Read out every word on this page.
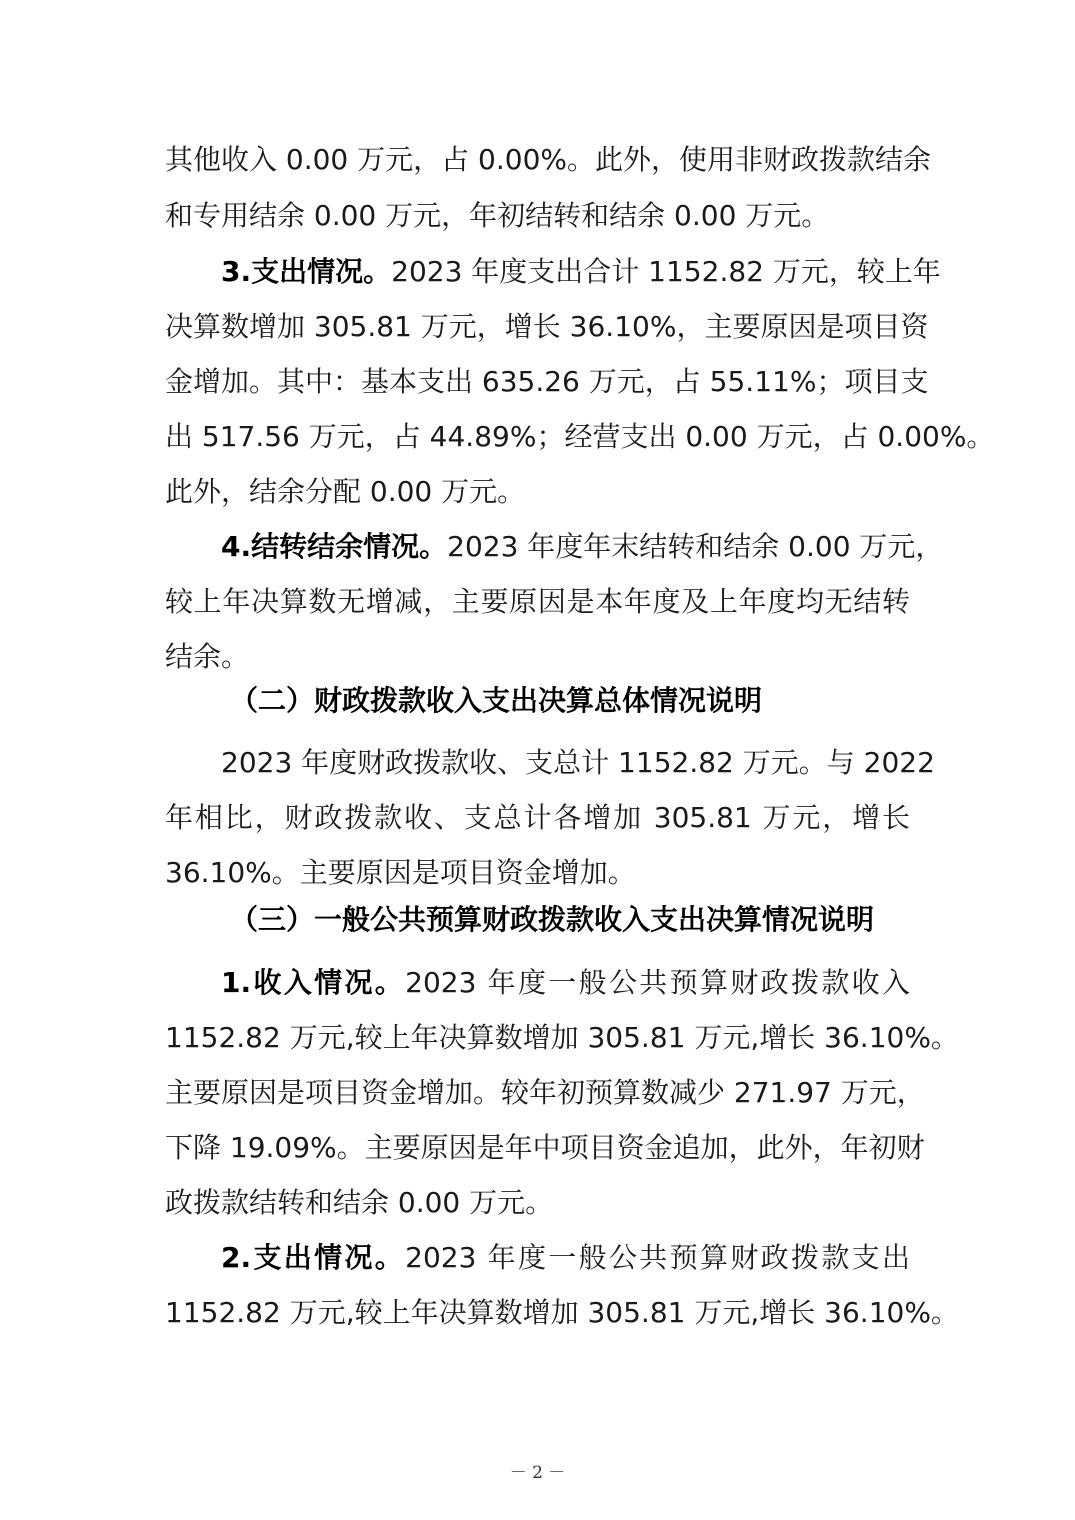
其他收入 0.00 万元，占 0.00%。此外，使用非财政拨款结余
和专用结余 0.00 万元，年初结转和结余 0.00 万元。
3.支出情况。2023 年度支出合计 1152.82 万元，较上年
决算数增加 305.81 万元，增长 36.10%，主要原因是项目资
金增加。其中：基本支出 635.26 万元，占 55.11%；项目支
出 517.56 万元，占 44.89%；经营支出 0.00 万元，占 0.00%。
此外，结余分配 0.00 万元。
4.结转结余情况。2023 年度年末结转和结余 0.00 万元，
较上年决算数无增减，主要原因是本年度及上年度均无结转
结余。
（二）财政拨款收入支出决算总体情况说明
2023 年度财政拨款收、支总计 1152.82 万元。与 2022
年相比，财政拨款收、支总计各增加 305.81 万元，增长
36.10%。主要原因是项目资金增加。
（三）一般公共预算财政拨款收入支出决算情况说明
1.收入情况。2023 年度一般公共预算财政拨款收入
1152.82 万元,较上年决算数增加 305.81 万元,增长 36.10%。
主要原因是项目资金增加。较年初预算数减少 271.97 万元，
下降 19.09%。主要原因是年中项目资金追加，此外，年初财
政拨款结转和结余 0.00 万元。
2.支出情况。2023 年度一般公共预算财政拨款支出
1152.82 万元,较上年决算数增加 305.81 万元,增长 36.10%。
－ 2 －
